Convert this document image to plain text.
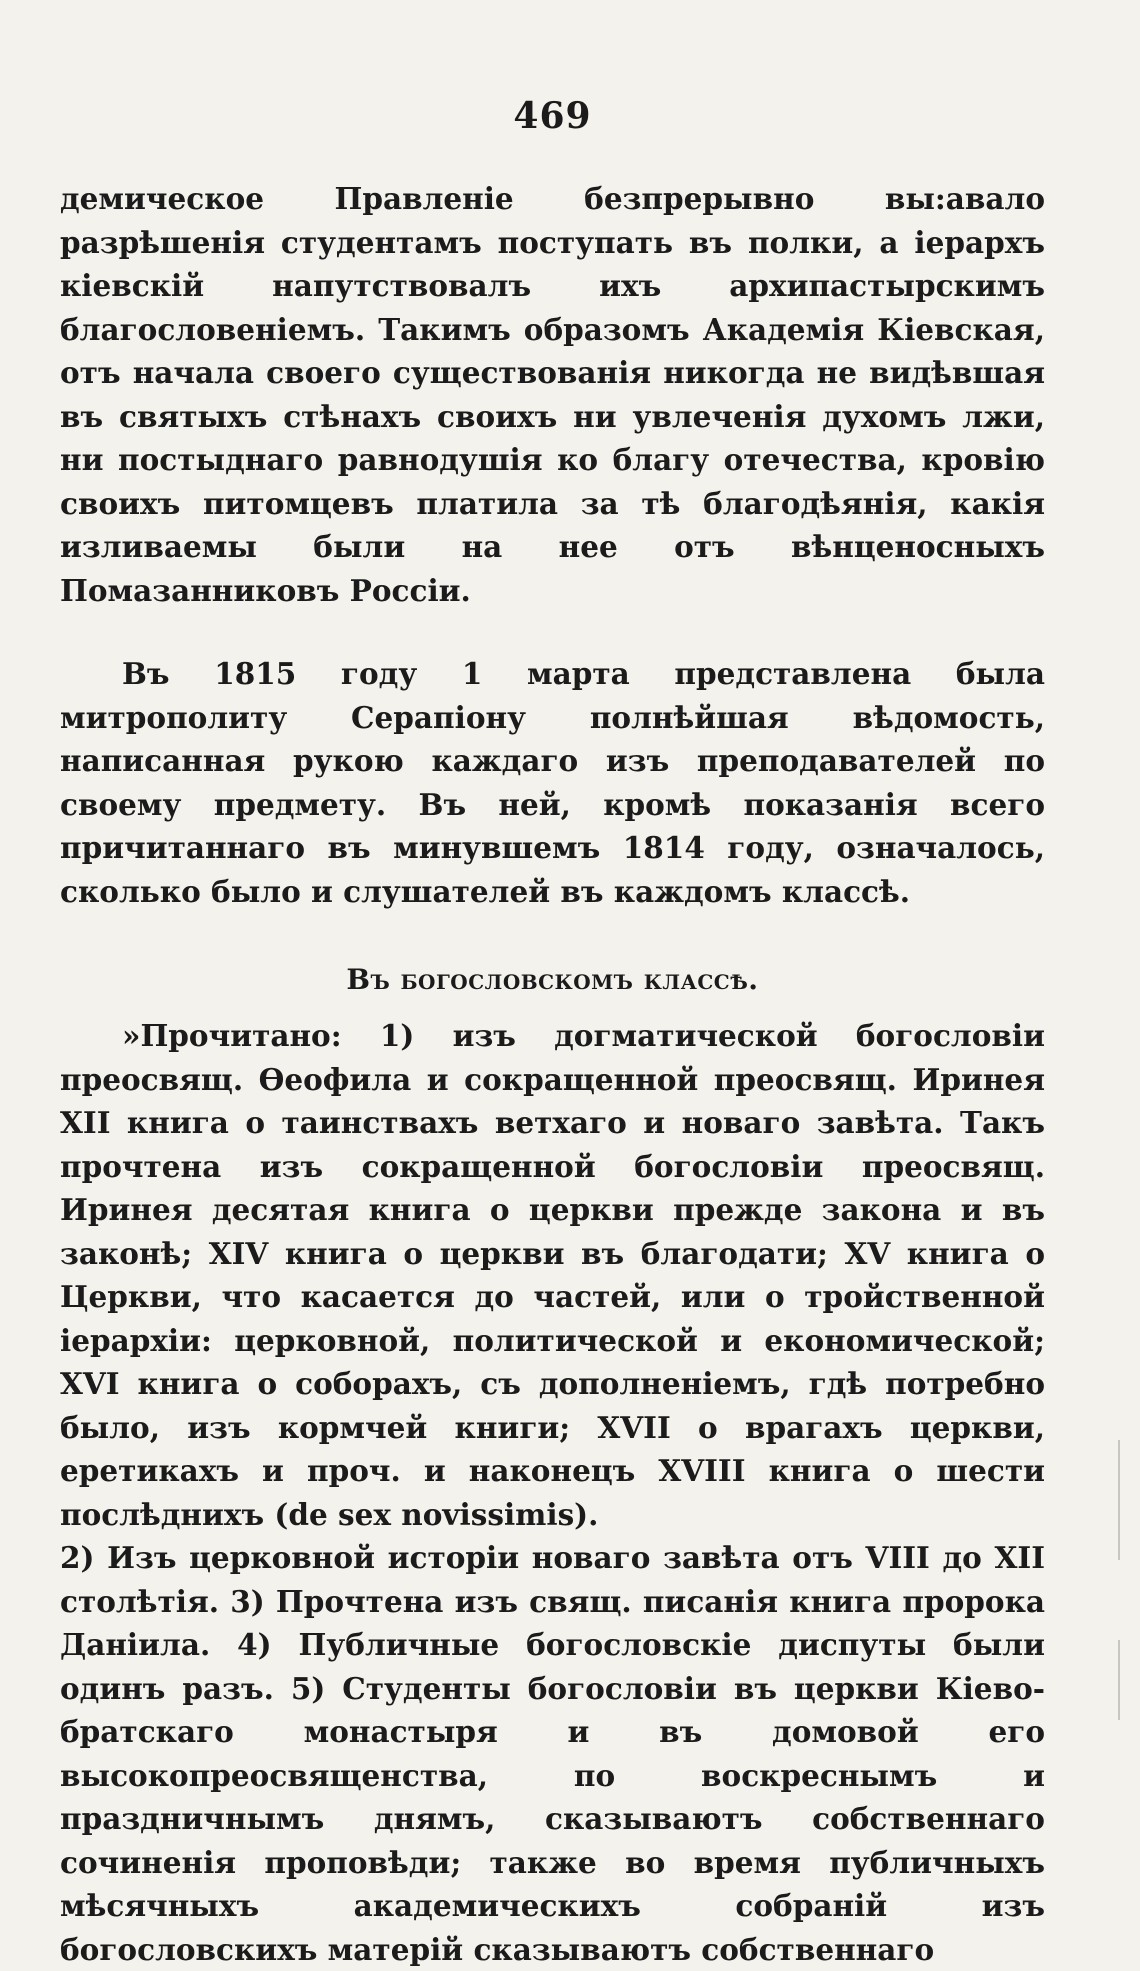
469

демическое Правленіе безпрерывно вы:авало разрѣшенія студентамъ поступать въ полки, а іерархъ кіевскій напутствовалъ ихъ архипастырскимъ благословеніемъ. Такимъ образомъ Академія Кіевская, отъ начала своего существованія никогда не видѣвшая въ святыхъ стѣнахъ своихъ ни увлеченія духомъ лжи, ни постыднаго равнодушія ко благу отечества, кровію своихъ питомцевъ платила за тѣ благодѣянія, какія изливаемы были на нее отъ вѣнценосныхъ Помазанниковъ Россіи.

Въ 1815 году 1 марта представлена была митрополиту Серапіону полнѣйшая вѣдомость, написанная рукою каждаго изъ преподавателей по своему предмету. Въ ней, кромѣ показанія всего причитаннаго въ минувшемъ 1814 году, означалось, сколько было и слушателей въ каждомъ классѣ.

Въ богословскомъ классѣ.

»Прочитано: 1) изъ догматической богословіи преосвящ. Ѳеофила и сокращенной преосвящ. Иринея XII книга о таинствахъ ветхаго и новаго завѣта. Такъ прочтена изъ сокращенной богословіи преосвящ. Иринея десятая книга о церкви прежде закона и въ законѣ; XIV книга о церкви въ благодати; XV книга о Церкви, что касается до частей, или о тройственной іерархіи: церковной, политической и економической; XVI книга о соборахъ, съ дополненіемъ, гдѣ потребно было, изъ кормчей книги; XVII о врагахъ церкви, еретикахъ и проч. и наконецъ XVIII книга о шести послѣднихъ (de sex novissimis).

2) Изъ церковной исторіи новаго завѣта отъ VIII до XII столѣтія. 3) Прочтена изъ свящ. писанія книга пророка Даніила. 4) Публичные богословскіе диспуты были одинъ разъ. 5) Студенты богословіи въ церкви Кіево-братскаго монастыря и въ домовой его высокопреосвященства, по воскреснымъ и праздничнымъ днямъ, сказываютъ собственнаго сочиненія проповѣди; также во время публичныхъ мѣсячныхъ академическихъ собраній изъ богословскихъ матерій сказываютъ собственнаго
